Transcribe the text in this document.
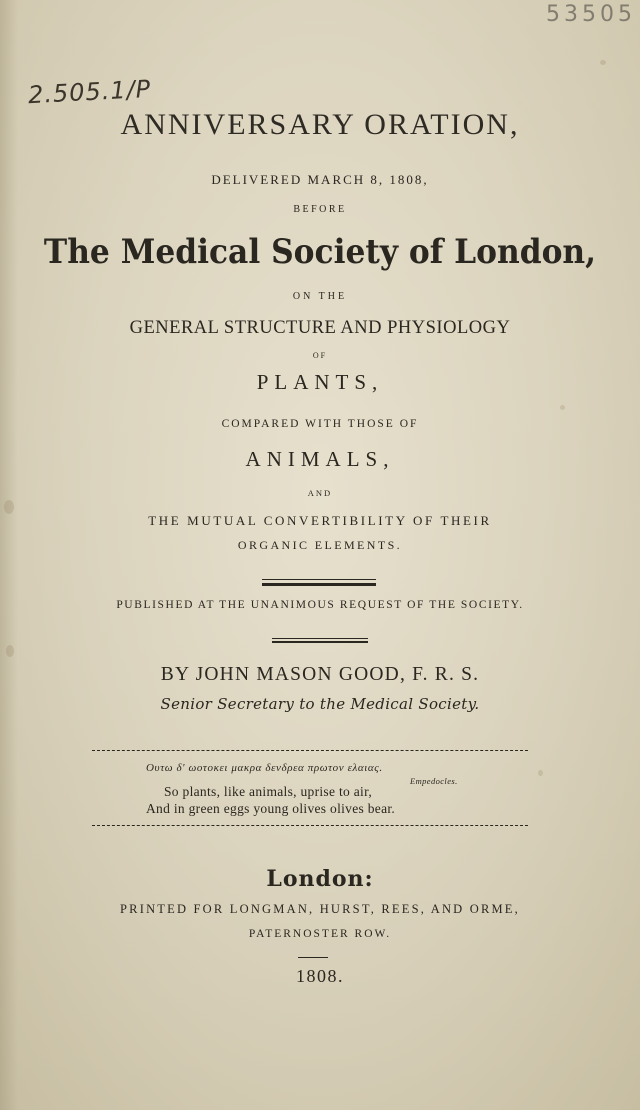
53505
2.505.1/P
ANNIVERSARY ORATION,
DELIVERED MARCH 8, 1808,
BEFORE
The Medical Society of London,
ON THE
GENERAL STRUCTURE AND PHYSIOLOGY
OF
PLANTS,
COMPARED WITH THOSE OF
ANIMALS,
AND
THE MUTUAL CONVERTIBILITY OF THEIR
ORGANIC ELEMENTS.
PUBLISHED AT THE UNANIMOUS REQUEST OF THE SOCIETY.
BY JOHN MASON GOOD, F. R. S.
Senior Secretary to the Medical Society.
Ουτω δ' ωοτοκει μακρα δενδρεα πρωτον ελαιας.
Empedocles.
So plants, like animals, uprise to air,
And in green eggs young olives olives bear.
London:
PRINTED FOR LONGMAN, HURST, REES, AND ORME,
PATERNOSTER ROW.
1808.
